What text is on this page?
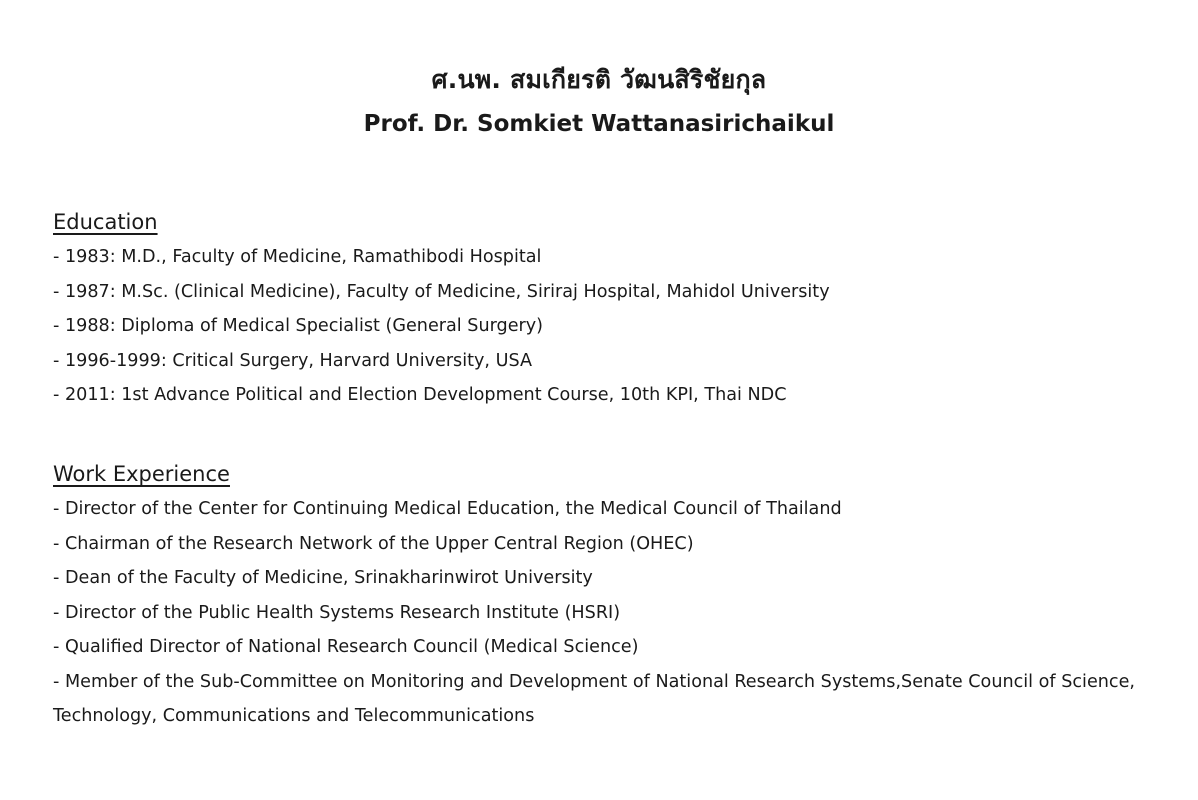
ศ.นพ. สมเกียรติ วัฒนสิริชัยกุล
Prof. Dr. Somkiet Wattanasirichaikul
Education
- 1983: M.D., Faculty of Medicine, Ramathibodi Hospital
- 1987: M.Sc. (Clinical Medicine), Faculty of Medicine, Siriraj Hospital, Mahidol University
- 1988: Diploma of Medical Specialist (General Surgery)
- 1996-1999: Critical Surgery, Harvard University, USA
- 2011: 1st Advance Political and Election Development Course, 10th KPI, Thai NDC
Work Experience
- Director of the Center for Continuing Medical Education, the Medical Council of Thailand
- Chairman of the Research Network of the Upper Central Region (OHEC)
- Dean of the Faculty of Medicine, Srinakharinwirot University
- Director of the Public Health Systems Research Institute (HSRI)
- Qualified Director of National Research Council (Medical Science)
- Member of the Sub-Committee on Monitoring and Development of National Research Systems,Senate Council of Science, Technology, Communications and Telecommunications
